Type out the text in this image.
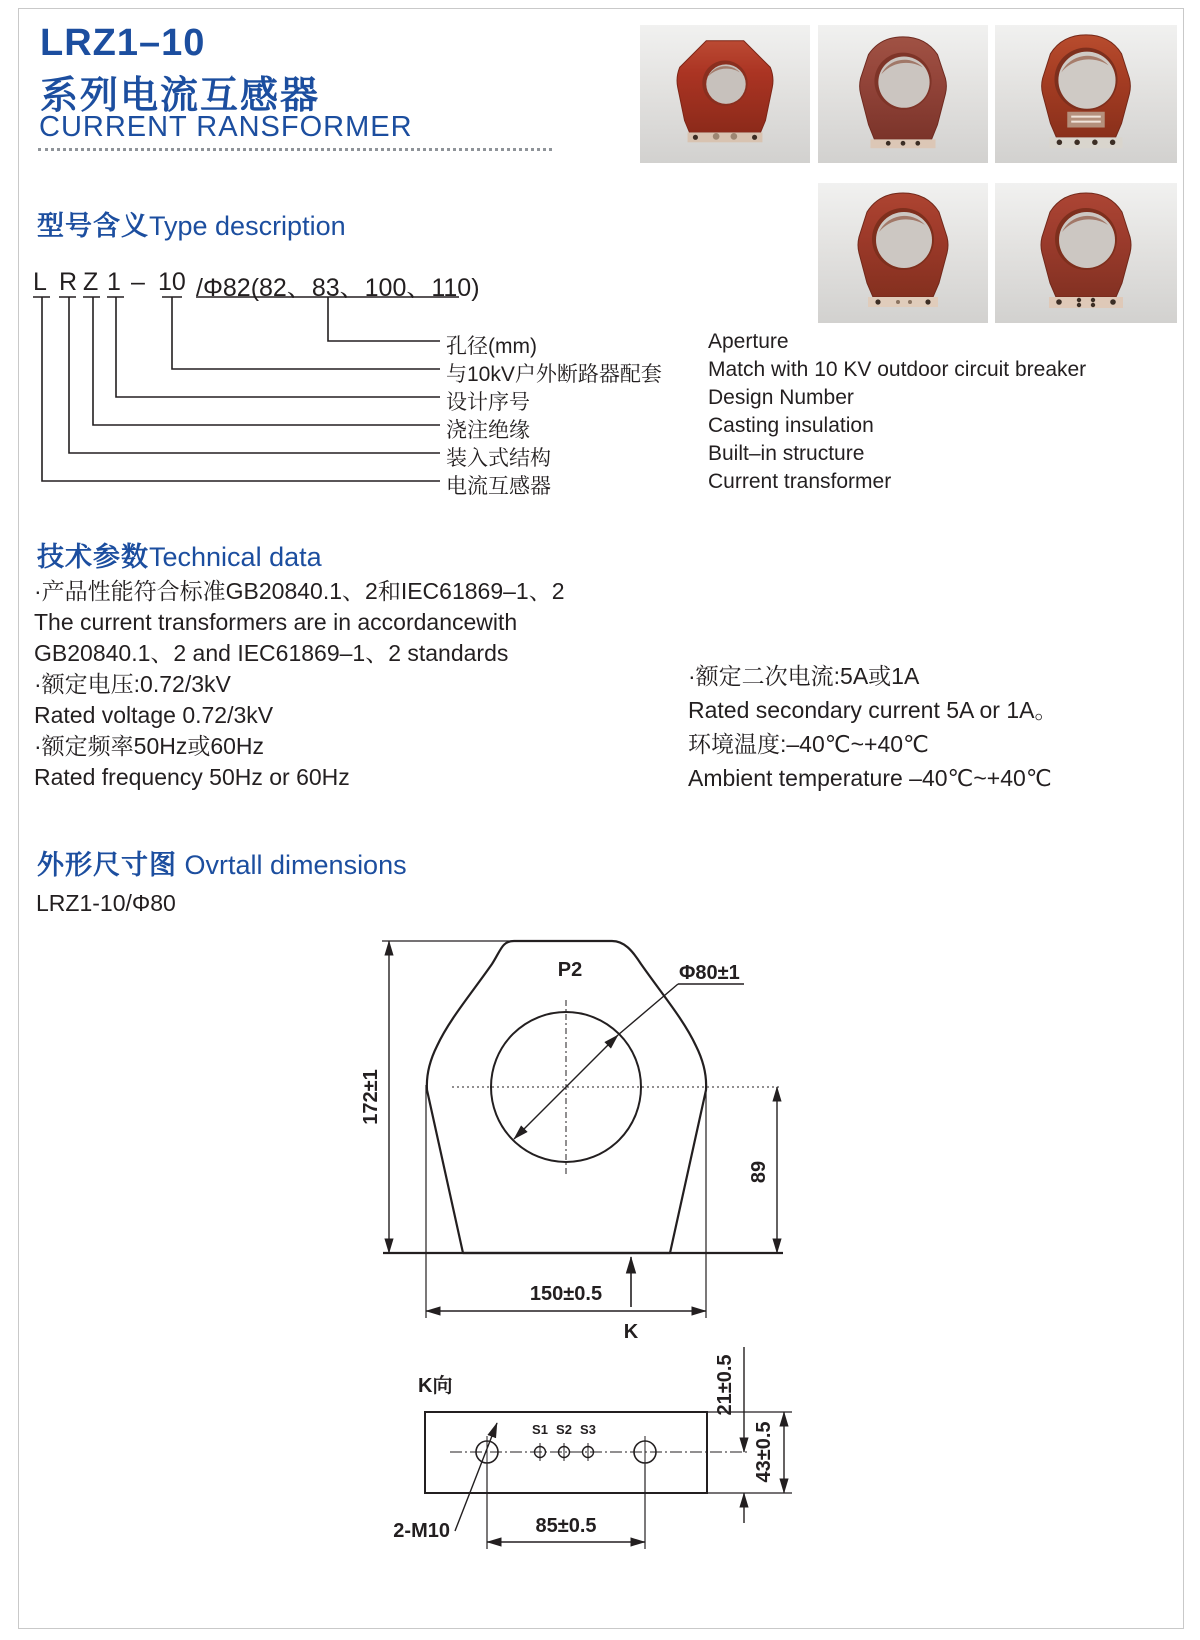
LRZ1–10
系列电流互感器
CURRENT RANSFORMER
型号含义Type description
L R Z 1 – 10 /Φ82(82、83、100、110)
孔径(mm)
与10kV户外断路器配套
设计序号
浇注绝缘
装入式结构
电流互感器
Aperture
Match with 10 KV outdoor circuit breaker
Design Number
Casting insulation
Built–in structure
Current transformer
技术参数Technical data
·产品性能符合标准GB20840.1、2和IEC61869–1、2
The current transformers are in accordancewith
GB20840.1、2 and IEC61869–1、2 standards
·额定电压:0.72/3kV
Rated voltage 0.72/3kV
·额定频率50Hz或60Hz
Rated frequency 50Hz or 60Hz
·额定二次电流:5A或1A
Rated secondary current 5A or 1A。
环境温度:–40℃~+40℃
Ambient temperature –40℃~+40℃
外形尺寸图 Ovrtall dimensions
LRZ1-10/Φ80
Φ80±1
P2
172±1
89
150±0.5
K
K向
S1 S2 S3
2-M10	85±0.5
43±0.5
21±0.5
